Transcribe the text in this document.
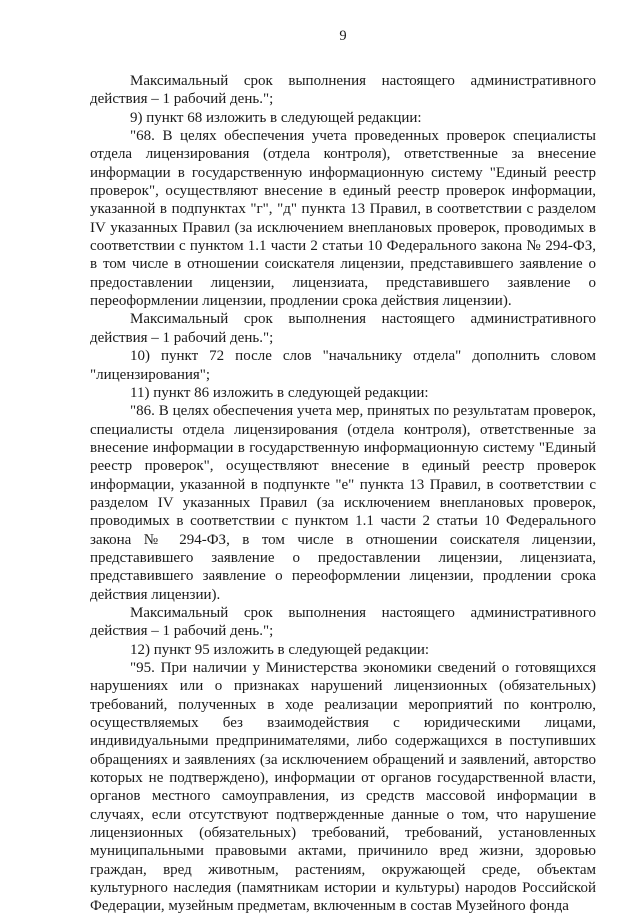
9

Максимальный срок выполнения настоящего административного действия – 1 рабочий день.";

9) пункт 68 изложить в следующей редакции:

"68. В целях обеспечения учета проведенных проверок специалисты отдела лицензирования (отдела контроля), ответственные за внесение информации в государственную информационную систему "Единый реестр проверок", осуществляют внесение в единый реестр проверок информации, указанной в подпунктах "г", "д" пункта 13 Правил, в соответствии с разделом IV указанных Правил (за исключением внеплановых проверок, проводимых в соответствии с пунктом 1.1 части 2 статьи 10 Федерального закона № 294-ФЗ, в том числе в отношении соискателя лицензии, представившего заявление о предоставлении лицензии, лицензиата, представившего заявление о переоформлении лицензии, продлении срока действия лицензии).

Максимальный срок выполнения настоящего административного действия – 1 рабочий день.";

10) пункт 72 после слов "начальнику отдела" дополнить словом "лицензирования";

11) пункт 86 изложить в следующей редакции:

"86. В целях обеспечения учета мер, принятых по результатам проверок, специалисты отдела лицензирования (отдела контроля), ответственные за внесение информации в государственную информационную систему "Единый реестр проверок", осуществляют внесение в единый реестр проверок информации, указанной в подпункте "е" пункта 13 Правил, в соответствии с разделом IV указанных Правил (за исключением внеплановых проверок, проводимых в соответствии с пунктом 1.1 части 2 статьи 10 Федерального закона № 294-ФЗ, в том числе в отношении соискателя лицензии, представившего заявление о предоставлении лицензии, лицензиата, представившего заявление о переоформлении лицензии, продлении срока действия лицензии).

Максимальный срок выполнения настоящего административного действия – 1 рабочий день.";

12) пункт 95 изложить в следующей редакции:

"95. При наличии у Министерства экономики сведений о готовящихся нарушениях или о признаках нарушений лицензионных (обязательных) требований, полученных в ходе реализации мероприятий по контролю, осуществляемых без взаимодействия с юридическими лицами, индивидуальными предпринимателями, либо содержащихся в поступивших обращениях и заявлениях (за исключением обращений и заявлений, авторство которых не подтверждено), информации от органов государственной власти, органов местного самоуправления, из средств массовой информации в случаях, если отсутствуют подтвержденные данные о том, что нарушение лицензионных (обязательных) требований, требований, установленных муниципальными правовыми актами, причинило вред жизни, здоровью граждан, вред животным, растениям, окружающей среде, объектам культурного наследия (памятникам истории и культуры) народов Российской Федерации, музейным предметам, включенным в состав Музейного фонда
